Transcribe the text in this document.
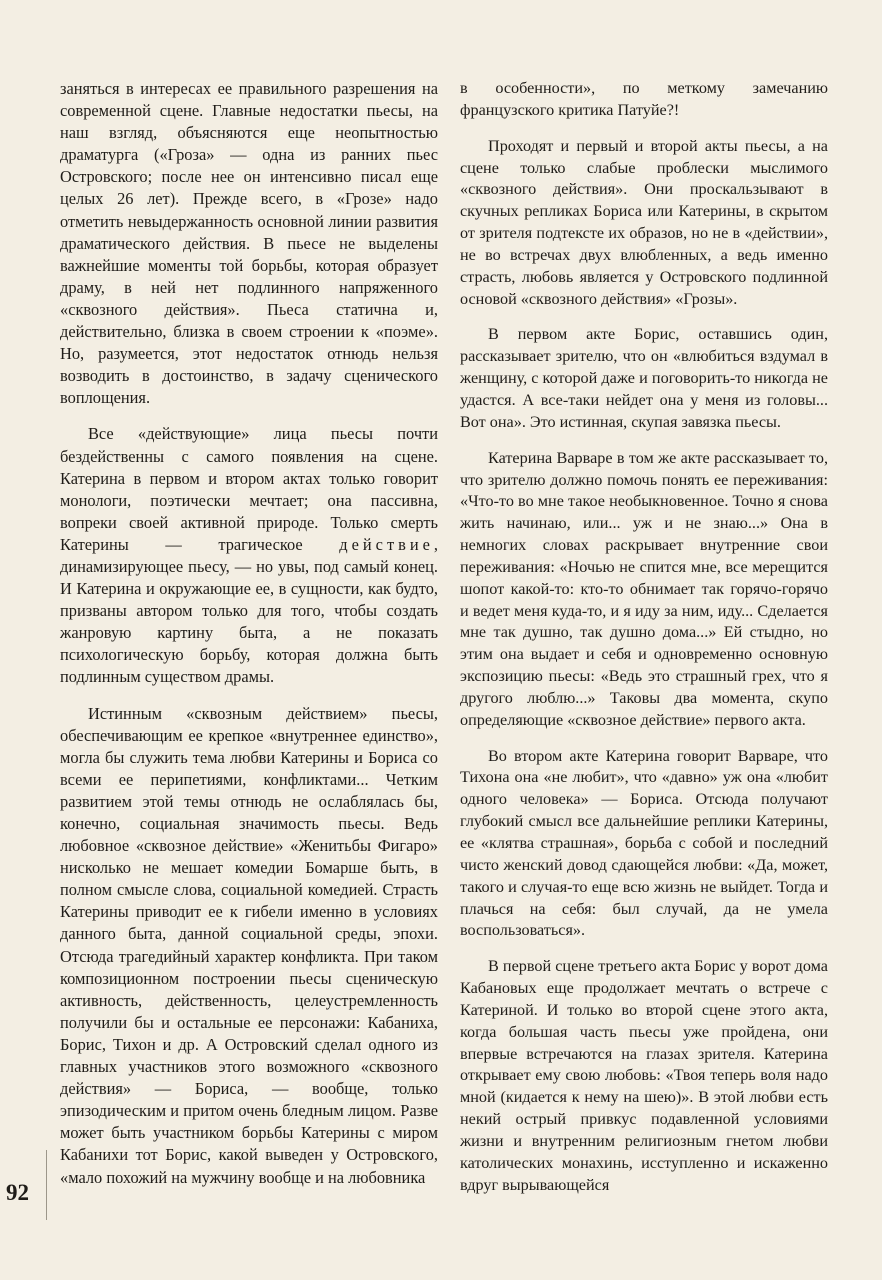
заняться в интересах ее правильного разрешения на современной сцене. Главные недостатки пьесы, на наш взгляд, объясняются еще неопытностью драматурга («Гроза» — одна из ранних пьес Островского; после нее он интенсивно писал еще целых 26 лет). Прежде всего, в «Грозе» надо отметить невыдержанность основной линии развития драматического действия. В пьесе не выделены важнейшие моменты той борьбы, которая образует драму, в ней нет подлинного напряженного «сквозного действия». Пьеса статична и, действительно, близка в своем строении к «поэме». Но, разумеется, этот недостаток отнюдь нельзя возводить в достоинство, в задачу сценического воплощения.

Все «действующие» лица пьесы почти бездейственны с самого появления на сцене. Катерина в первом и втором актах только говорит монологи, поэтически мечтает; она пассивна, вопреки своей активной природе. Только смерть Катерины — трагическое действие, динамизирующее пьесу, — но увы, под самый конец. И Катерина и окружающие ее, в сущности, как будто, призваны автором только для того, чтобы создать жанровую картину быта, а не показать психологическую борьбу, которая должна быть подлинным существом драмы.

Истинным «сквозным действием» пьесы, обеспечивающим ее крепкое «внутреннее единство», могла бы служить тема любви Катерины и Бориса со всеми ее перипетиями, конфликтами... Четким развитием этой темы отнюдь не ослаблялась бы, конечно, социальная значимость пьесы. Ведь любовное «сквозное действие» «Женитьбы Фигаро» нисколько не мешает комедии Бомарше быть, в полном смысле слова, социальной комедией. Страсть Катерины приводит ее к гибели именно в условиях данного быта, данной социальной среды, эпохи. Отсюда трагедийный характер конфликта. При таком композиционном построении пьесы сценическую активность, действенность, целеустремленность получили бы и остальные ее персонажи: Кабаниха, Борис, Тихон и др. А Островский сделал одного из главных участников этого возможного «сквозного действия» — Бориса, — вообще, только эпизодическим и притом очень бледным лицом. Разве может быть участником борьбы Катерины с миром Кабанихи тот Борис, какой выведен у Островского, «мало похожий на мужчину вообще и на любовника

в особенности», по меткому замечанию французского критика Патуйе?!

Проходят и первый и второй акты пьесы, а на сцене только слабые проблески мыслимого «сквозного действия». Они проскальзывают в скучных репликах Бориса или Катерины, в скрытом от зрителя подтексте их образов, но не в «действии», не во встречах двух влюбленных, а ведь именно страсть, любовь является у Островского подлинной основой «сквозного действия» «Грозы».

В первом акте Борис, оставшись один, рассказывает зрителю, что он «влюбиться вздумал в женщину, с которой даже и поговорить-то никогда не удастся. А все-таки нейдет она у меня из головы... Вот она». Это истинная, скупая завязка пьесы.

Катерина Варваре в том же акте рассказывает то, что зрителю должно помочь понять ее переживания: «Что-то во мне такое необыкновенное. Точно я снова жить начинаю, или... уж и не знаю...» Она в немногих словах раскрывает внутренние свои переживания: «Ночью не спится мне, все мерещится шопот какой-то: кто-то обнимает так горячо-горячо и ведет меня куда-то, и я иду за ним, иду... Сделается мне так душно, так душно дома...» Ей стыдно, но этим она выдает и себя и одновременно основную экспозицию пьесы: «Ведь это страшный грех, что я другого люблю...» Таковы два момента, скупо определяющие «сквозное действие» первого акта.

Во втором акте Катерина говорит Варваре, что Тихона она «не любит», что «давно» уж она «любит одного человека» — Бориса. Отсюда получают глубокий смысл все дальнейшие реплики Катерины, ее «клятва страшная», борьба с собой и последний чисто женский довод сдающейся любви: «Да, может, такого и случая-то еще всю жизнь не выйдет. Тогда и плачься на себя: был случай, да не умела воспользоваться».

В первой сцене третьего акта Борис у ворот дома Кабановых еще продолжает мечтать о встрече с Катериной. И только во второй сцене этого акта, когда большая часть пьесы уже пройдена, они впервые встречаются на глазах зрителя. Катерина открывает ему свою любовь: «Твоя теперь воля надо мной (кидается к нему на шею)». В этой любви есть некий острый привкус подавленной условиями жизни и внутренним религиозным гнетом любви католических монахинь, исступленно и искаженно вдруг вырывающейся

92
